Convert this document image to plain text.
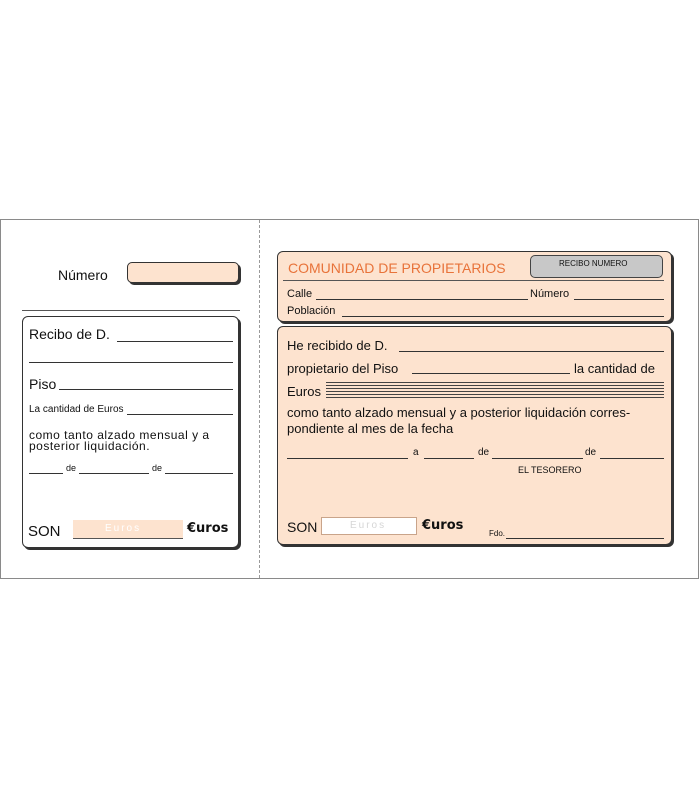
Número
Recibo de D.
Piso
La cantidad de Euros
como tanto alzado mensual y a
posterior liquidación.
de	de
SON	Euros	€uros
COMUNIDAD DE PROPIETARIOS	RECIBO NUMERO
Calle	Número
Población
He recibido de D.
propietario del Piso	la cantidad de
Euros
como tanto alzado mensual y a posterior liquidación corres-
pondiente al mes de la fecha
a	de	de
EL TESORERO
SON	Euros	€uros
Fdo.
